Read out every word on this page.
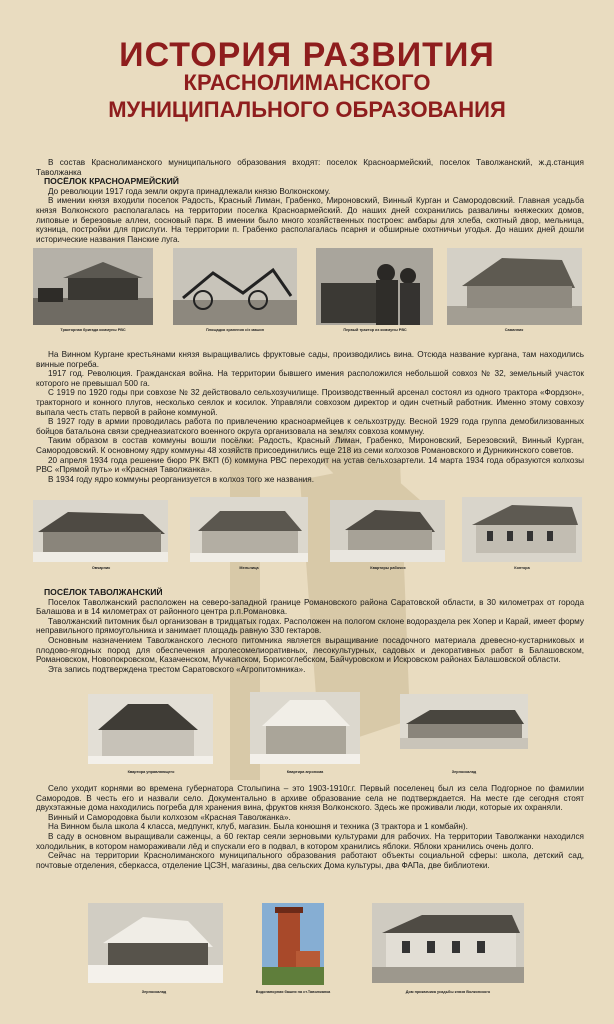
ИСТОРИЯ РАЗВИТИЯ
КРАСНОЛИМАНСКОГО
МУНИЦИПАЛЬНОГО ОБРАЗОВАНИЯ

В состав Краснолиманского муниципального образования входят: поселок Красноармейский, поселок Таволжанский, ж.д.станция Таволжанка

ПОСЁЛОК КРАСНОАРМЕЙСКИЙ

До революции 1917 года земли округа принадлежали князю Волконскому.

В имении князя входили поселок Радость, Красный Лиман, Грабенко, Мироновский, Винный Курган и Самородовский. Главная усадьба князя Волконского располагалась на территории поселка Красноармейский. До наших дней сохранились развалины княжеских домов, липовые и березовые аллеи, сосновый парк. В имении было много хозяйственных построек: амбары для хлеба, скотный двор, мельница, кузница, постройки для прислуги. На территории п. Грабенко располагалась псарня и обширные охотничьи угодья. До наших дней дошли исторические названия Панские луга.

Тракторная бригада коммуны РВС	Площадка хранения с/х машин	Первый трактор из коммуны РВС	Саманник

На Винном Кургане крестьянами князя выращивались фруктовые сады, производились вина. Отсюда название кургана, там находились винные погреба.

1917 год. Революция. Гражданская война. На территории бывшего имения расположился небольшой совхоз № 32, земельный участок которого не превышал 500 га.

С 1919 по 1920 годы при совхозе № 32 действовало сельхозучилище. Производственный арсенал состоял из одного трактора «Фордзон», тракторного и конного плугов, несколько сеялок и косилок. Управляли совхозом директор и один счетный работник. Именно этому совхозу выпала честь стать первой в районе коммуной.

В 1927 году в армии проводилась работа по привлечению красноармейцев к сельхозтруду. Весной 1929 года группа демобилизованных бойцов батальона связи среднеазиатского военного округа организовала на землях совхоза коммуну.

Таким образом в состав коммуны вошли посёлки: Радость, Красный Лиман, Грабенко, Мироновский, Березовский, Винный Курган, Самородовский. К основному ядру коммуны 48 хозяйств присоединились еще 218 из семи колхозов Романовского и Дурникинского советов.

20 апреля 1934 года решение бюро РК ВКП (б) коммуна РВС переходит на устав сельхозартели. 14 марта 1934 года образуются колхозы РВС «Прямой путь» и «Красная Таволжанка».

В 1934 году ядро коммуны реорганизуется в колхоз того же названия.

Овчарник	Мельница	Квартиры рабочих	Контора

ПОСЁЛОК ТАВОЛЖАНСКИЙ

Поселок Таволжанский расположен на северо-западной границе Романовского района Саратовской области, в 30 километрах от города Балашова и в 14 километрах от районного центра р.п.Романовка.

Таволжанский питомник был организован в тридцатых годах. Расположен на пологом склоне водораздела рек Хопер и Карай, имеет форму неправильного прямоугольника и занимает площадь равную 330 гектаров.

Основным назначением Таволжанского лесного питомника является выращивание посадочного материала древесно-кустарниковых и плодово-ягодных пород для обеспечения агролесомелиоративных, лесокультурных, садовых и декоративных работ в Балашовском, Романовском, Новопокровском, Казаченском, Мучкапском, Борисоглебском, Байчуровском и Искровском районах Балашовской области.

Эта запись подтверждена трестом Саратовского «Агропитомника».

Квартира управляющего	Квартира агронома	Зерноскалад

Село уходит корнями во времена губернатора Столыпина – это 1903-1910г.г. Первый поселенец был из села Подгорное по фамилии Самородов. В честь его и назвали село. Документально в архиве образование села не подтверждается. На месте где сегодня стоят двухэтажные дома находились погреба для хранения вина, фруктов князя Волконского. Здесь же проживали люди, которые их охраняли.

Винный и Самородовка были колхозом «Красная Таволжанка».

На Винном была школа 4 класса, медпункт, клуб, магазин. Была конюшня и техника (3 трактора и 1 комбайн).

В саду в основном выращивали саженцы, а 60 гектар сеяли зерновыми культурами для рабочих. На территории Таволжанки находился холодильник, в котором намораживали лёд и спускали его в подвал, в котором хранились яблоки. Яблоки хранились очень долго.

Сейчас на территории Краснолиманского муниципального образования работают объекты социальной сферы: школа, детский сад, почтовые отделения, сберкасса, отделение ЦСЗН, магазины, два сельских Дома культуры, два ФАПа, две библиотеки.

Зерноскалад	Водонапорная башня на ст.Таволжанка	Дом приказчика усадьбы князя Волконского
